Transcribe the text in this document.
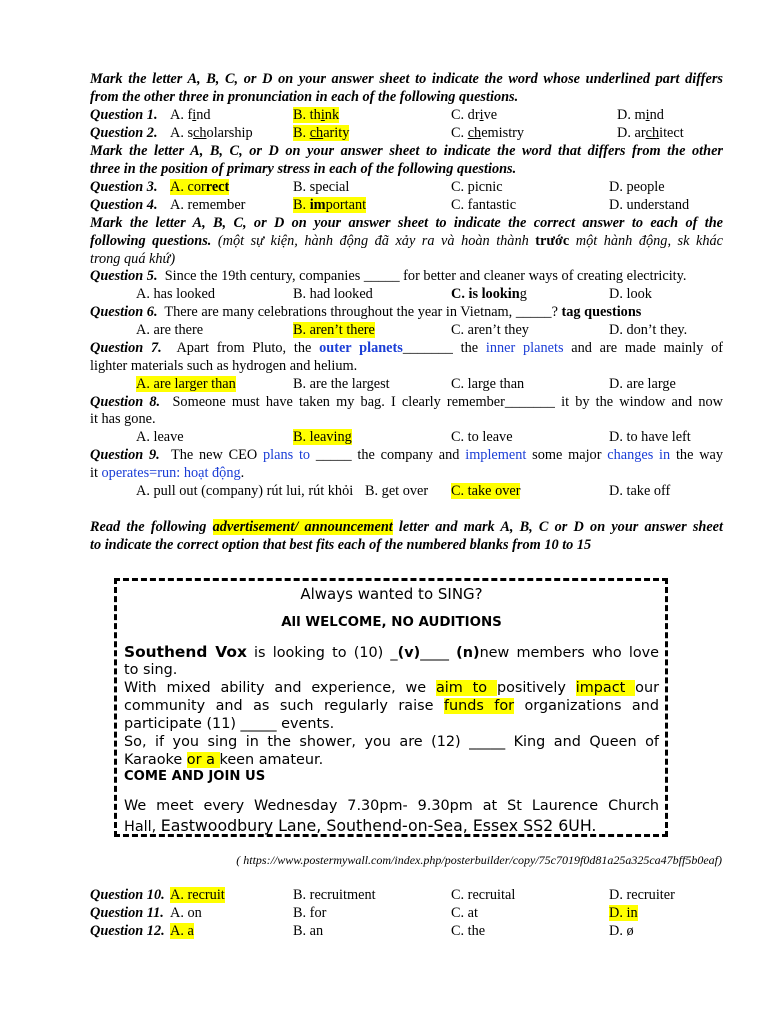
Mark the letter A, B, C, or D on your answer sheet to indicate the word whose underlined part differs
from the other three in pronunciation in each of the following questions.
Question 1. A. find	B. think	C. drive	D. mind
Question 2. A. scholarship	B. charity	C. chemistry	D. architect
Mark the letter A, B, C, or D on your answer sheet to indicate the word that differs from the other
three in the position of primary stress in each of the following questions.
Question 3. A. correct	B. special	C. picnic	D. people
Question 4. A. remember	B. important	C. fantastic	D. understand
Mark the letter A, B, C, or D on your answer sheet to indicate the correct answer to each of the
following questions. (một sự kiện, hành động đã xảy ra và hoàn thành trước một hành động, sk khác
trong quá khứ)
Question 5. Since the 19th century, companies _____ for better and cleaner ways of creating electricity.
A. has looked	B. had looked	C. is looking	D. look
Question 6. There are many celebrations throughout the year in Vietnam, _____? tag questions
A. are there	B. aren’t there	C. aren’t they	D. don’t they.
Question 7. Apart from Pluto, the outer planets_______ the inner planets and are made mainly of
lighter materials such as hydrogen and helium.
A. are larger than	B. are the largest	C. large than	D. are large
Question 8. Someone must have taken my bag. I clearly remember_______ it by the window and now
it has gone.
A. leave	B. leaving	C. to leave	D. to have left
Question 9. The new CEO plans to _____ the company and implement some major changes in the way
it operates=run: hoạt động.
A. pull out (company) rút lui, rút khỏi B. get over C. take over	D. take off
Read the following advertisement/ announcement letter and mark A, B, C or D on your answer sheet
to indicate the correct option that best fits each of the numbered blanks from 10 to 15
Always wanted to SING?
All WELCOME, NO AUDITIONS
Southend Vox is looking to (10) _(v)____ (n)new members who love
to sing.
With mixed ability and experience, we aim to positively impact our
community and as such regularly raise funds for organizations and
participate (11) _____ events.
So, if you sing in the shower, you are (12) _____ King and Queen of
Karaoke or a keen amateur.
COME AND JOIN US
We meet every Wednesday 7.30pm- 9.30pm at St Laurence Church
Hall, Eastwoodbury Lane, Southend-on-Sea, Essex SS2 6UH.
( https://www.postermywall.com/index.php/posterbuilder/copy/75c7019f0d81a25a325ca47bff5b0eaf)
Question 10. A. recruit	B. recruitment	C. recruital	D. recruiter
Question 11. A. on	B. for	C. at	D. in
Question 12. A. a	B. an	C. the	D. ø
